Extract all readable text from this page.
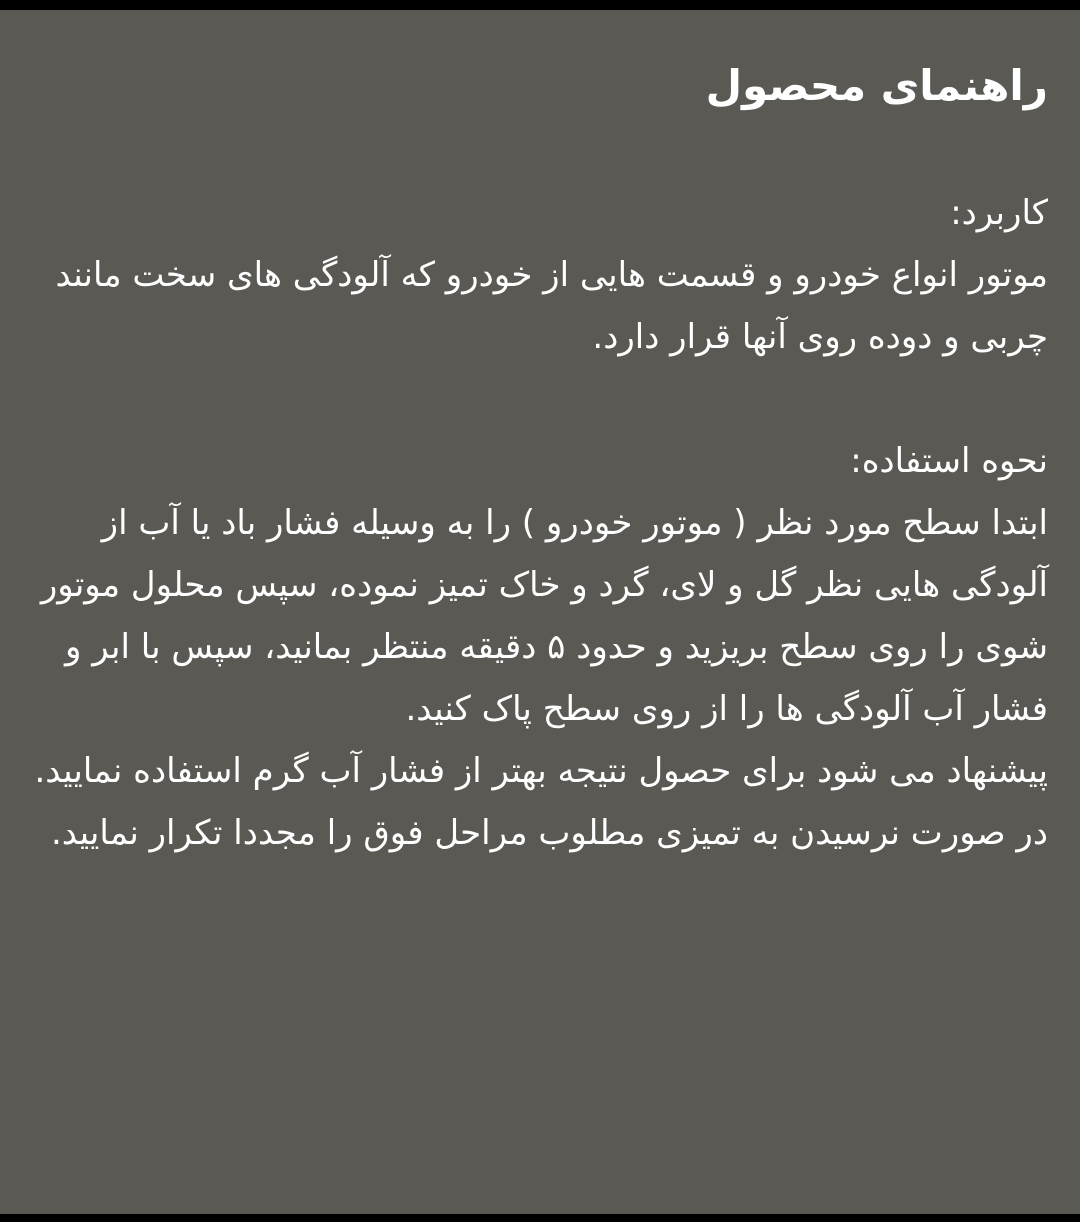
راهنمای محصول

کاربرد:

موتور انواع خودرو و قسمت هایی از خودرو که آلودگی های سخت مانند چربی و دوده روی آنها قرار دارد.

نحوه استفاده:

ابتدا سطح مورد نظر ( موتور خودرو ) را به وسیله فشار باد یا آب از آلودگی هایی نظر گل و لای، گرد و خاک تمیز نموده، سپس محلول موتور شوی را روی سطح بریزید و حدود ۵ دقیقه منتظر بمانید، سپس با ابر و فشار آب آلودگی ها را از روی سطح پاک کنید.

پیشنهاد می شود برای حصول نتیجه بهتر از فشار آب گرم استفاده نمایید.

در صورت نرسیدن به تمیزی مطلوب مراحل فوق را مجددا تکرار نمایید.
